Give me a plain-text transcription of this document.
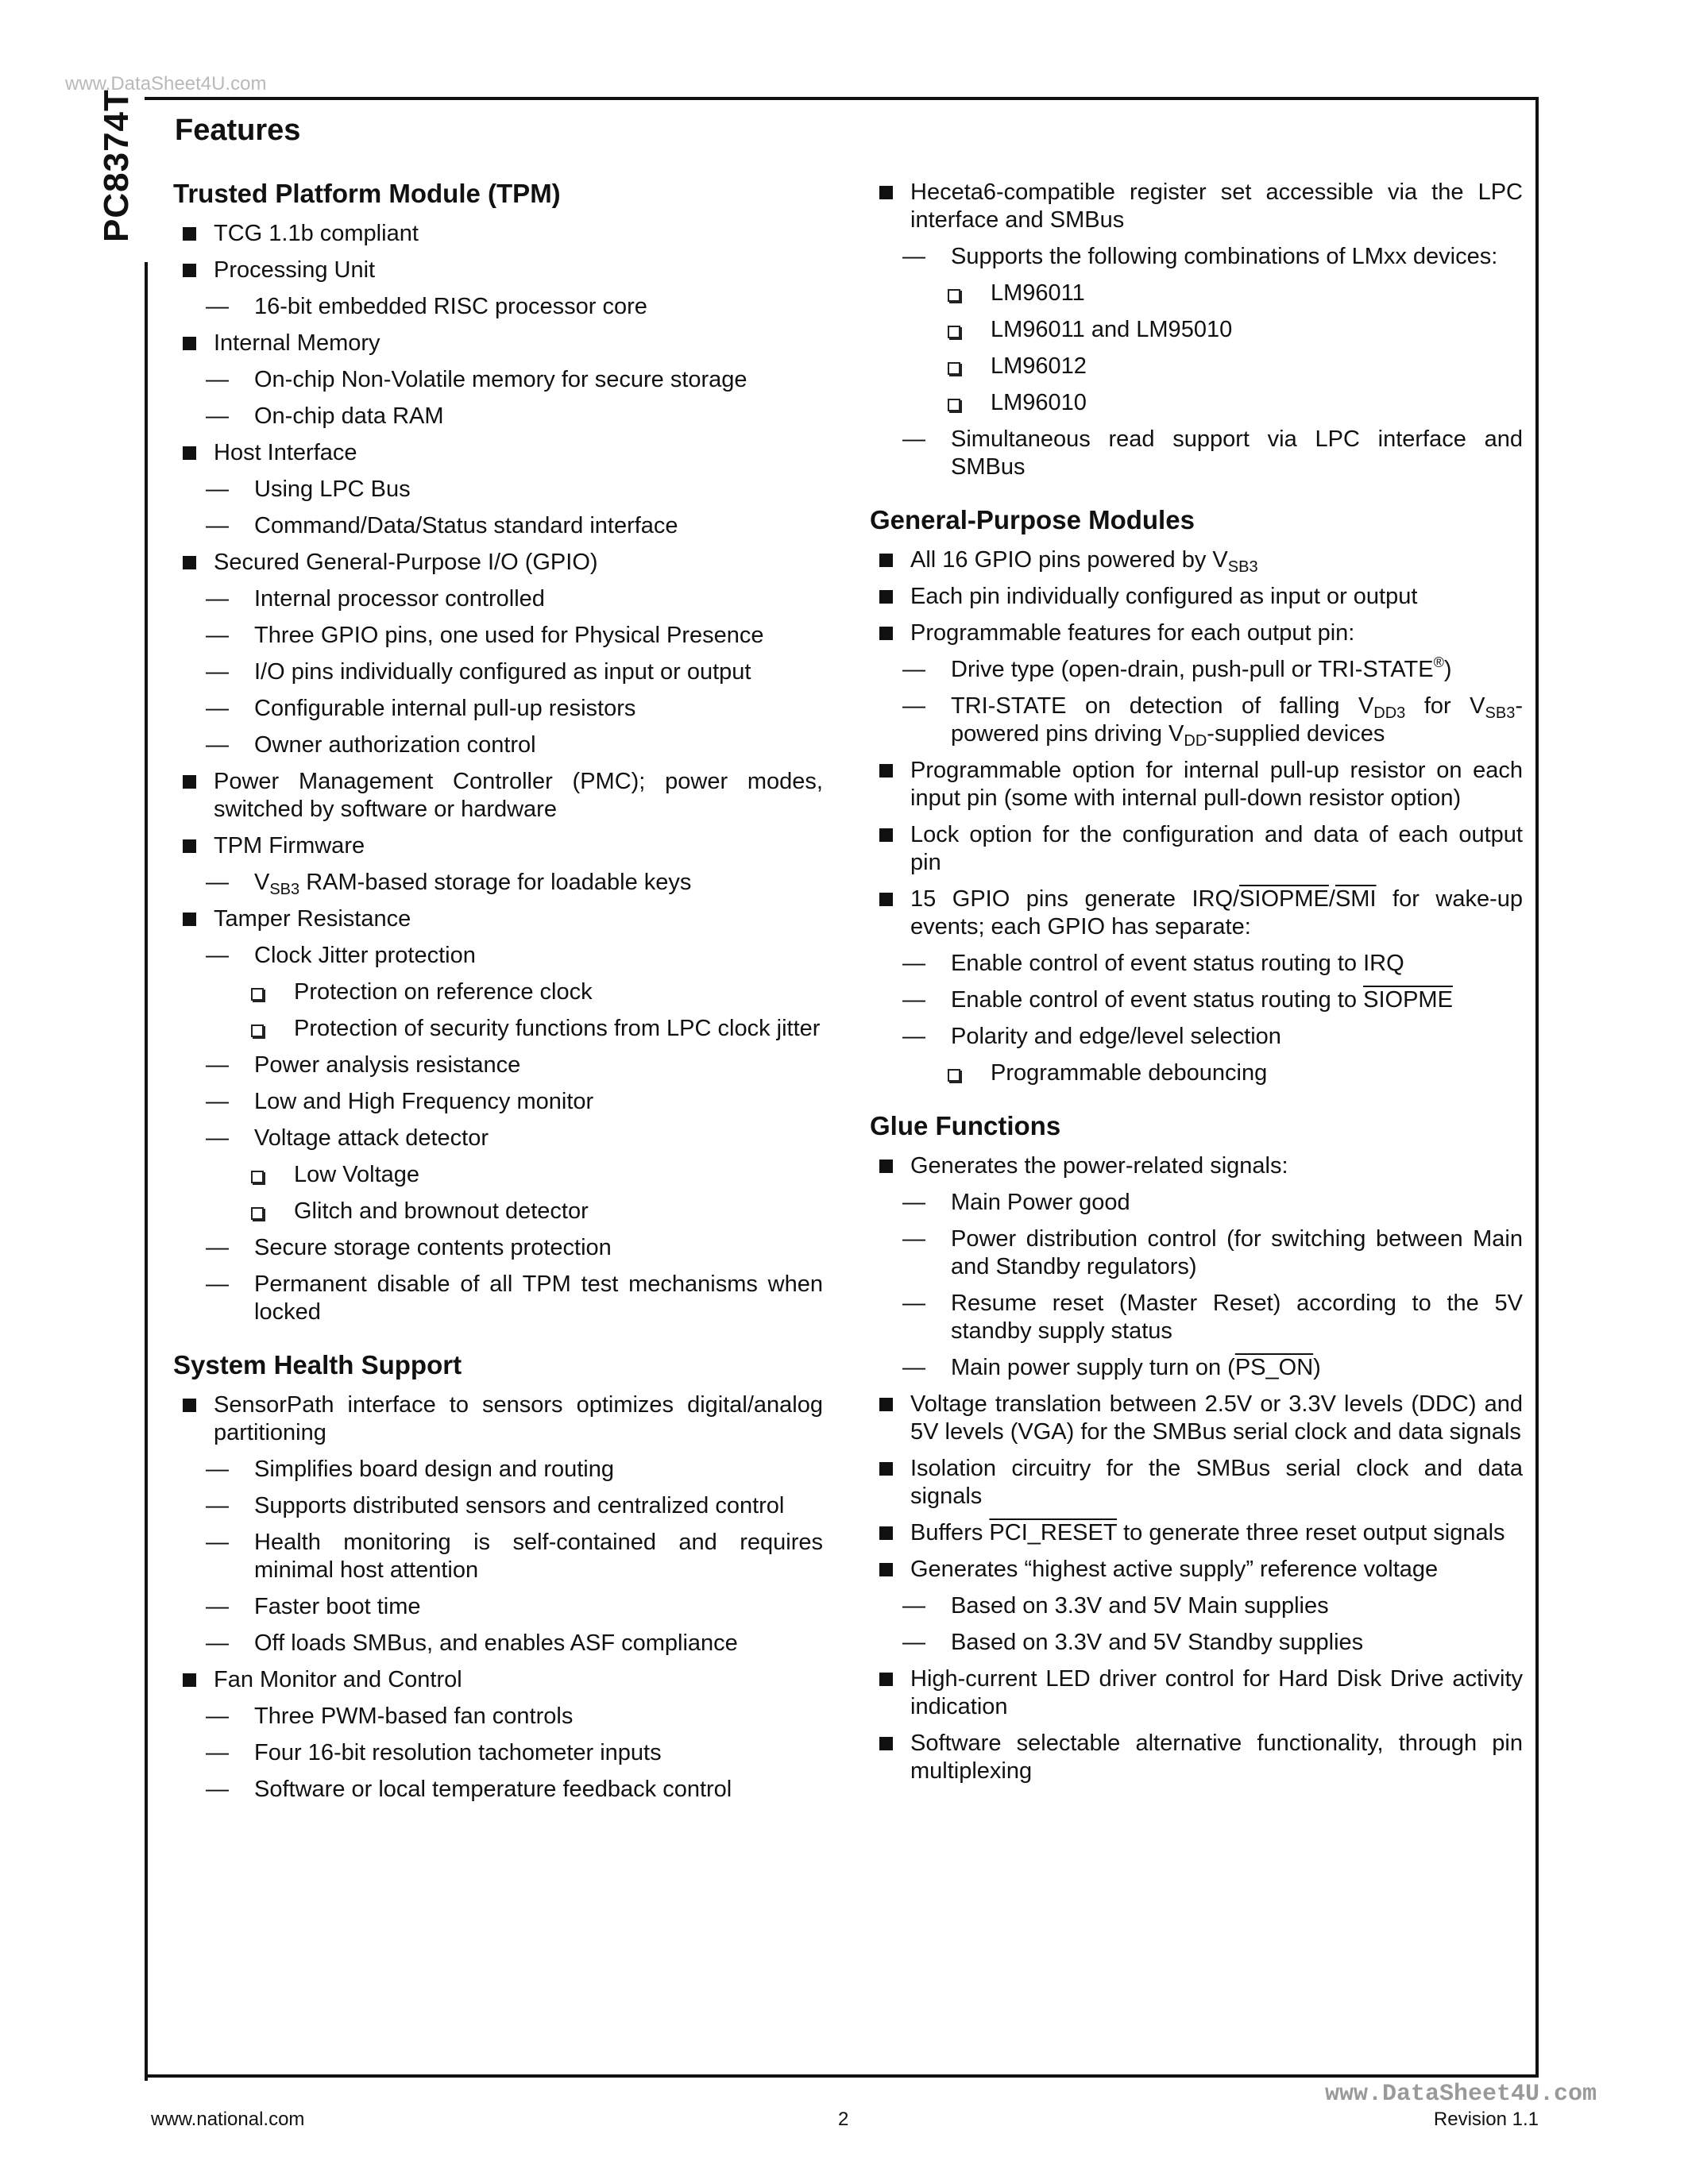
www.DataSheet4U.com
PC8374T Features
Trusted Platform Module (TPM)
TCG 1.1b compliant
Processing Unit
— 16-bit embedded RISC processor core
Internal Memory
— On-chip Non-Volatile memory for secure storage
— On-chip data RAM
Host Interface
— Using LPC Bus
— Command/Data/Status standard interface
Secured General-Purpose I/O (GPIO)
— Internal processor controlled
— Three GPIO pins, one used for Physical Presence
— I/O pins individually configured as input or output
— Configurable internal pull-up resistors
— Owner authorization control
Power Management Controller (PMC); power modes, switched by software or hardware
TPM Firmware
— $V_{SB3}$ RAM-based storage for loadable keys
Tamper Resistance
— Clock Jitter protection
Protection on reference clock
Protection of security functions from LPC clock jitter
— Power analysis resistance
— Low and High Frequency monitor
— Voltage attack detector
Low Voltage
Glitch and brownout detector
— Secure storage contents protection
— Permanent disable of all TPM test mechanisms when locked
System Health Support
SensorPath interface to sensors optimizes digital/analog partitioning
— Simplifies board design and routing
— Supports distributed sensors and centralized control
— Health monitoring is self-contained and requires minimal host attention
— Faster boot time
— Off loads SMBus, and enables ASF compliance
Fan Monitor and Control
— Three PWM-based fan controls
— Four 16-bit resolution tachometer inputs
— Software or local temperature feedback control
Heceta6-compatible register set accessible via the LPC interface and SMBus
— Supports the following combinations of LMxx devices:
LM96011
LM96011 and LM95010
LM96012
LM96010
— Simultaneous read support via LPC interface and SMBus
General-Purpose Modules
All 16 GPIO pins powered by $V_{SB3}$
Each pin individually configured as input or output
Programmable features for each output pin:
— Drive type (open-drain, push-pull or TRI-STATE®)
— TRI-STATE on detection of falling $V_{DD3}$ for $V_{SB3}$-powered pins driving $V_{DD}$-supplied devices
Programmable option for internal pull-up resistor on each input pin (some with internal pull-down resistor option)
Lock option for the configuration and data of each output pin
15 GPIO pins generate IRQ/$SIOPME/\overline{SMI}$ for wake-up events; each GPIO has separate:
— Enable control of event status routing to IRQ
— Enable control of event status routing to SIOPME
— Polarity and edge/level selection
Programmable debouncing
Glue Functions
Generates the power-related signals:
— Main Power good
— Power distribution control (for switching between Main and Standby regulators)
— Resume reset (Master Reset) according to the 5V standby supply status
— Main power supply turn on (PS_ON)
Voltage translation between 2.5V or 3.3V levels (DDC) and 5V levels (VGA) for the SMBus serial clock and data signals
Isolation circuitry for the SMBus serial clock and data signals
Buffers PCI_RESET to generate three reset output signals
Generates “highest active supply” reference voltage
— Based on 3.3V and 5V Main supplies
— Based on 3.3V and 5V Standby supplies
High-current LED driver control for Hard Disk Drive activity indication
Software selectable alternative functionality, through pin multiplexing
www.DataSheet4U.com
www.national.com	2	Revision 1.1
